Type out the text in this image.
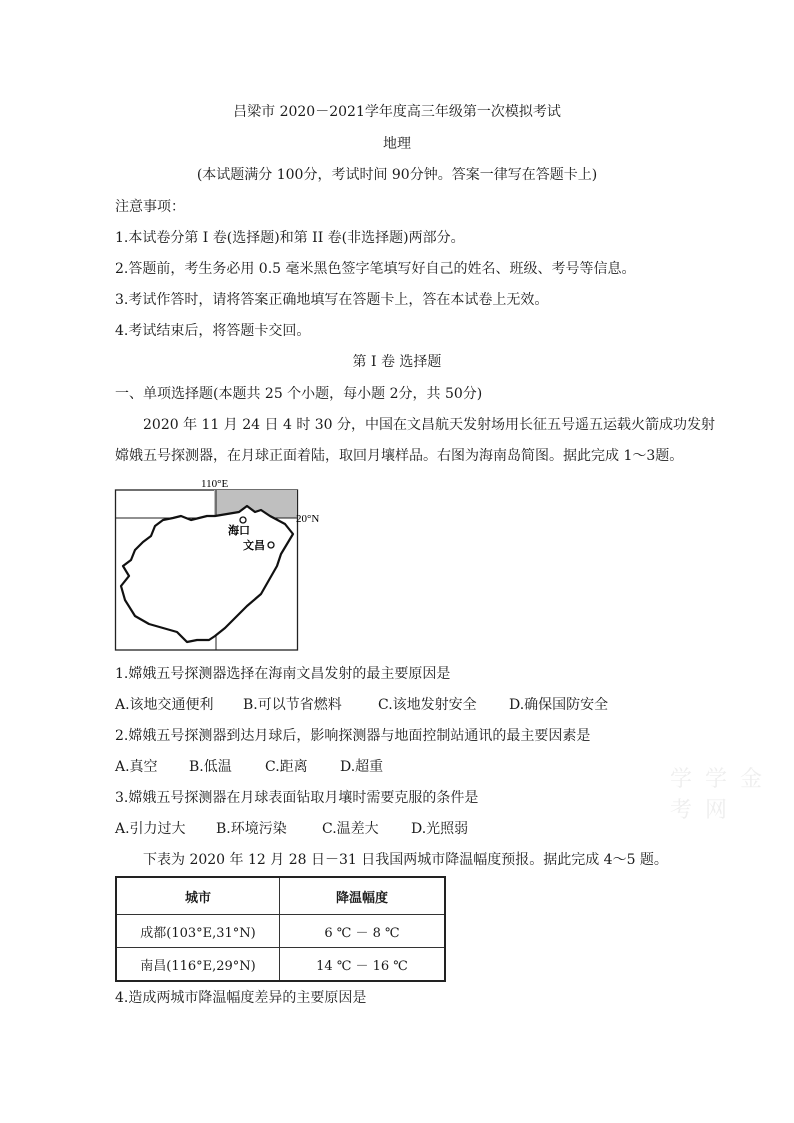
吕梁市 2020－2021学年度高三年级第一次模拟考试
地理
(本试题满分 100分，考试时间 90分钟。答案一律写在答题卡上)
注意事项：
1.本试卷分第 I 卷(选择题)和第 II 卷(非选择题)两部分。
2.答题前，考生务必用 0.5 毫米黑色签字笔填写好自己的姓名、班级、考号等信息。
3.考试作答时，请将答案正确地填写在答题卡上，答在本试卷上无效。
4.考试结束后，将答题卡交回。
第 I 卷 选择题
一、单项选择题(本题共 25 个小题，每小题 2分，共 50分)
2020 年 11 月 24 日 4 时 30 分，中国在文昌航天发射场用长征五号遥五运载火箭成功发射
嫦娥五号探测器，在月球正面着陆，取回月壤样品。右图为海南岛简图。据此完成 1～3题。
110°E
20°N
海口
文昌
1.嫦娥五号探测器选择在海南文昌发射的最主要原因是
A.该地交通便利 B.可以节省燃料	C.该地发射安全 D.确保国防安全
2.嫦娥五号探测器到达月球后，影响探测器与地面控制站通讯的最主要因素是
A.真空 B.低温 C.距离 D.超重	学 学 金 考 网
3.嫦娥五号探测器在月球表面钻取月壤时需要克服的条件是
A.引力过大 B.环境污染	C.温差大 D.光照弱
下表为 2020 年 12 月 28 日－31 日我国两城市降温幅度预报。据此完成 4～5 题。
城市	降温幅度
成都(103°E,31°N)	6 ℃ － 8 ℃
南昌(116°E,29°N)	14 ℃ － 16 ℃
4.造成两城市降温幅度差异的主要原因是
